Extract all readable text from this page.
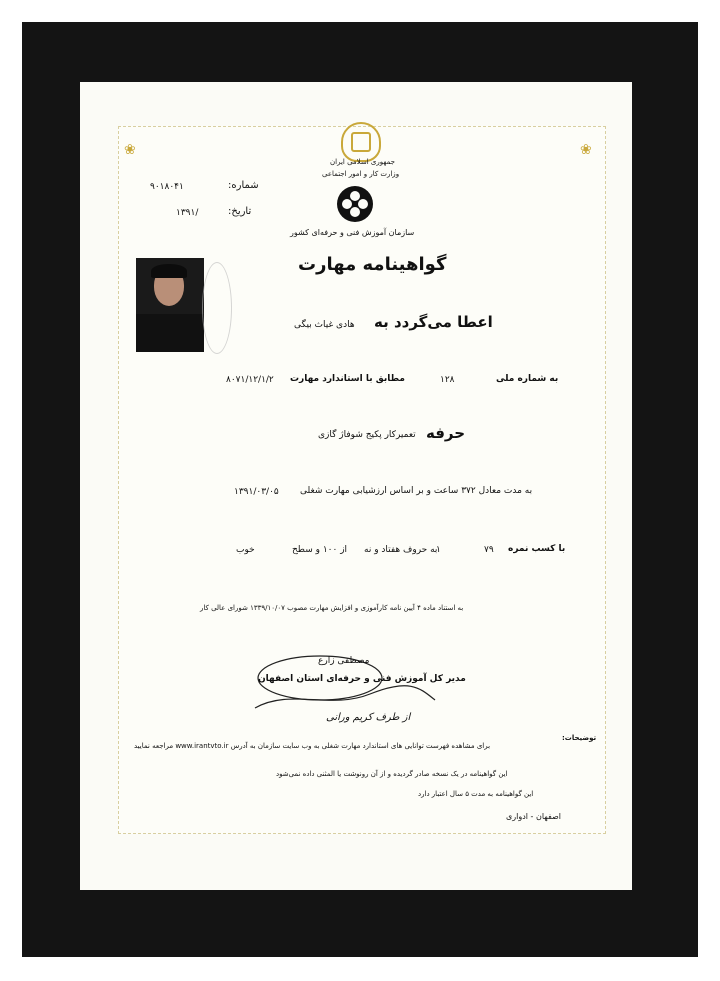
❀	❀
جمهوری اسلامی ایران
وزارت کار و امور اجتماعی
شماره:
۹۰۱۸۰۴۱
تاریخ:
/۱۳۹۱
سازمان آموزش فنی و حرفه‌ای کشور
گواهینامه مهارت
اعطا می‌گردد به
هادی غیاث بیگی
به شماره ملی
۱۲۸
مطابق با استاندارد مهارت
۸۰۷۱/۱۲/۱/۲
حرفه
تعمیرکار پکیج شوفاژ گازی
به مدت معادل ۳۷۲ ساعت و بر اساس ارزشیابی مهارت شغلی
۱۳۹۱/۰۳/۰۵
با کسب نمره
۷۹
به حروف هفتاد و نه
۱
از ۱۰۰ و سطح
خوب
به استناد ماده ۴ آیین نامه کارآموزی و افزایش مهارت مصوب ۱۳۳۹/۱۰/۰۷ شورای عالی کار
مصطفی زارع
مدیر کل آموزش فنی و حرفه‌ای استان اصفهان
از طرف کریم ورانی
توضیحات:
برای مشاهده فهرست توانایی های استاندارد مهارت شغلی به وب سایت سازمان به آدرس www.irantvto.ir مراجعه نمایید
این گواهینامه در یک نسخه صادر گردیده و از آن رونوشت یا المثنی داده نمی‌شود
این گواهینامه به مدت ۵ سال اعتبار دارد
اصفهان - ادواری
